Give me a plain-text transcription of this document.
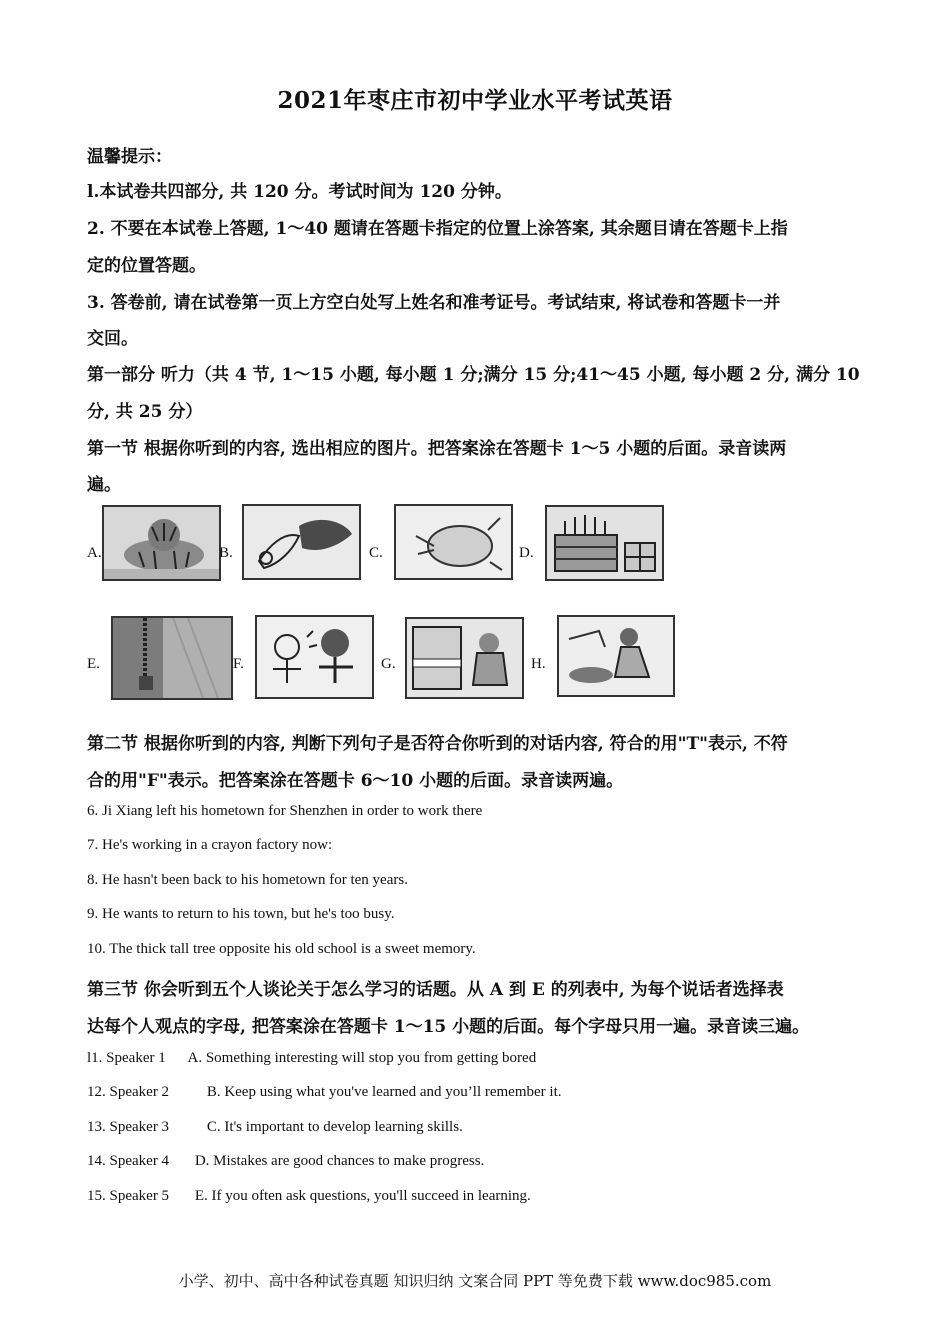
2021年枣庄市初中学业水平考试英语
温馨提示：
l.本试卷共四部分, 共 120 分。考试时间为 120 分钟。
2. 不要在本试卷上答题, 1～40 题请在答题卡指定的位置上涂答案, 其余题目请在答题卡上指
定的位置答题。
3. 答卷前, 请在试卷第一页上方空白处写上姓名和准考证号。考试结束, 将试卷和答题卡一并
交回。
第一部分 听力（共 4 节, 1～15 小题, 每小题 1 分;满分 15 分;41～45 小题, 每小题 2 分, 满分 10
分, 共 25 分）
第一节 根据你听到的内容, 选出相应的图片。把答案涂在答题卡 1～5 小题的后面。录音读两
遍。
A.	B.	C.	D.
E.	F.	G.	H.
第二节 根据你听到的内容, 判断下列句子是否符合你听到的对话内容, 符合的用"T"表示, 不符
合的用"F"表示。把答案涂在答题卡 6～10 小题的后面。录音读两遍。
6. Ji Xiang left his hometown for Shenzhen in order to work there
7. He's working in a crayon factory now:
8. He hasn't been back to his hometown for ten years.
9. He wants to return to his town, but he's too busy.
10. The thick tall tree opposite his old school is a sweet memory.
第三节 你会听到五个人谈论关于怎么学习的话题。从 A 到 E 的列表中, 为每个说话者选择表
达每个人观点的字母, 把答案涂在答题卡 1～15 小题的后面。每个字母只用一遍。录音读三遍。
l1. Speaker 1 A. Something interesting will stop you from getting bored
12. Speaker 2	B. Keep using what you've learned and you’ll remember it.
13. Speaker 3	C. It's important to develop learning skills.
14. Speaker 4 D. Mistakes are good chances to make progress.
15. Speaker 5 E. If you often ask questions, you'll succeed in learning.
小学、初中、高中各种试卷真题 知识归纳 文案合同 PPT 等免费下载 www.doc985.com
